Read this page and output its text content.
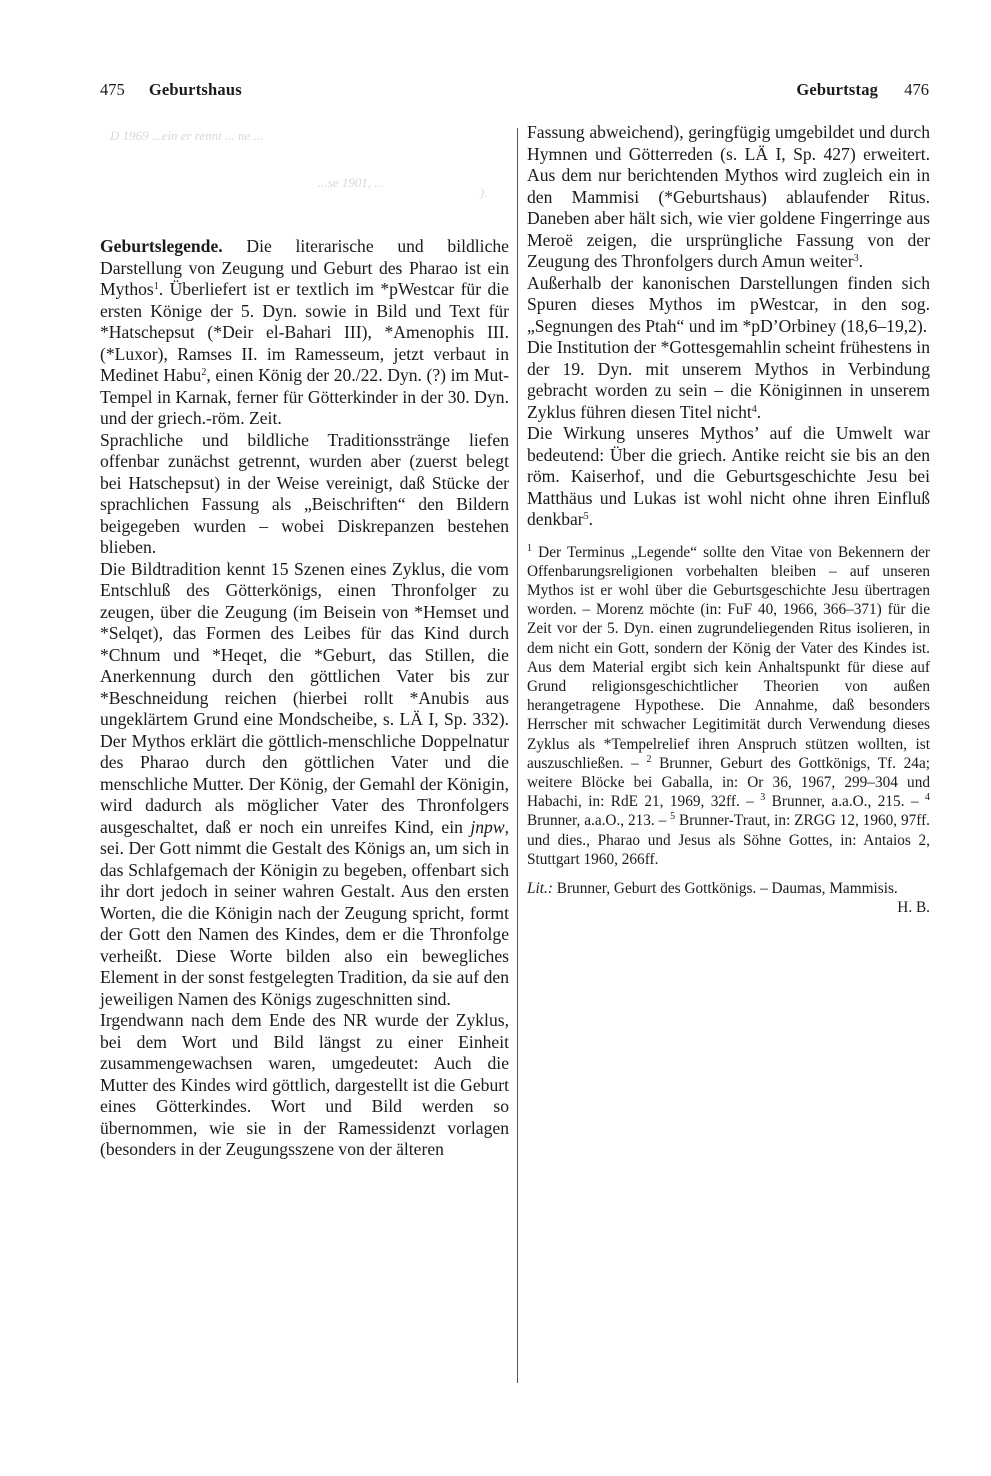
475 Geburtshaus	Geburtstag 476
D 1969 ...ein er rennt ... ne ...
...se 1901, ...
).

Geburtslegende. Die literarische und bildliche Darstellung von Zeugung und Geburt des Pharao ist ein Mythos$^1$. Überliefert ist er textlich im *pWestcar für die ersten Könige der 5. Dyn. sowie in Bild und Text für *Hatschepsut (*Deir el-Bahari III), *Amenophis III. (*Luxor), Ramses II. im Ramesseum, jetzt verbaut in Medinet Habu$^2$, einen König der 20./22. Dyn. (?) im Mut-Tempel in Karnak, ferner für Götterkinder in der 30. Dyn. und der griech.-röm. Zeit.

Sprachliche und bildliche Traditionsstränge liefen offenbar zunächst getrennt, wurden aber (zuerst belegt bei Hatschepsut) in der Weise vereinigt, daß Stücke der sprachlichen Fassung als „Beischriften“ den Bildern beigegeben wurden – wobei Diskrepanzen bestehen blieben.

Die Bildtradition kennt 15 Szenen eines Zyklus, die vom Entschluß des Götterkönigs, einen Thronfolger zu zeugen, über die Zeugung (im Beisein von *Hemset und *Selqet), das Formen des Leibes für das Kind durch *Chnum und *Heqet, die *Geburt, das Stillen, die Anerkennung durch den göttlichen Vater bis zur *Beschneidung reichen (hierbei rollt *Anubis aus ungeklärtem Grund eine Mondscheibe, s. LÄ I, Sp. 332). Der Mythos erklärt die göttlich-menschliche Doppelnatur des Pharao durch den göttlichen Vater und die menschliche Mutter. Der König, der Gemahl der Königin, wird dadurch als möglicher Vater des Thronfolgers ausgeschaltet, daß er noch ein unreifes Kind, ein jnpw, sei. Der Gott nimmt die Gestalt des Königs an, um sich in das Schlafgemach der Königin zu begeben, offenbart sich ihr dort jedoch in seiner wahren Gestalt. Aus den ersten Worten, die die Königin nach der Zeugung spricht, formt der Gott den Namen des Kindes, dem er die Thronfolge verheißt. Diese Worte bilden also ein bewegliches Element in der sonst festgelegten Tradition, da sie auf den jeweiligen Namen des Königs zugeschnitten sind.

Irgendwann nach dem Ende des NR wurde der Zyklus, bei dem Wort und Bild längst zu einer Einheit zusammengewachsen waren, umgedeutet: Auch die Mutter des Kindes wird göttlich, dargestellt ist die Geburt eines Götterkindes. Wort und Bild werden so übernommen, wie sie in der Ramessidenzt vorlagen (besonders in der Zeugungsszene von der älteren

Fassung abweichend), geringfügig umgebildet und durch Hymnen und Götterreden (s. LÄ I, Sp. 427) erweitert. Aus dem nur berichtenden Mythos wird zugleich ein in den Mammisi (*Geburtshaus) ablaufender Ritus. Daneben aber hält sich, wie vier goldene Fingerringe aus Meroë zeigen, die ursprüngliche Fassung von der Zeugung des Thronfolgers durch Amun weiter$^3$.

Außerhalb der kanonischen Darstellungen finden sich Spuren dieses Mythos im pWestcar, in den sog. „Segnungen des Ptah“ und im *pD’Orbiney (18,6–19,2).

Die Institution der *Gottesgemahlin scheint frühestens in der 19. Dyn. mit unserem Mythos in Verbindung gebracht worden zu sein – die Königinnen in unserem Zyklus führen diesen Titel nicht$^4$.

Die Wirkung unseres Mythos’ auf die Umwelt war bedeutend: Über die griech. Antike reicht sie bis an den röm. Kaiserhof, und die Geburtsgeschichte Jesu bei Matthäus und Lukas ist wohl nicht ohne ihren Einfluß denkbar$^5$.

$^1$ Der Terminus „Legende“ sollte den Vitae von Bekennern der Offenbarungsreligionen vorbehalten bleiben – auf unseren Mythos ist er wohl über die Geburtsgeschichte Jesu übertragen worden. – Morenz möchte (in: FuF 40, 1966, 366–371) für die Zeit vor der 5. Dyn. einen zugrundeliegenden Ritus isolieren, in dem nicht ein Gott, sondern der König der Vater des Kindes ist. Aus dem Material ergibt sich kein Anhaltspunkt für diese auf Grund religionsgeschichtlicher Theorien von außen herangetragene Hypothese. Die Annahme, daß besonders Herrscher mit schwacher Legitimität durch Verwendung dieses Zyklus als *Tempelrelief ihren Anspruch stützen wollten, ist auszuschließen. – $^2$ Brunner, Geburt des Gottkönigs, Tf. 24a; weitere Blöcke bei Gaballa, in: Or 36, 1967, 299–304 und Habachi, in: RdE 21, 1969, 32ff. – $^3$ Brunner, a.a.O., 215. – $^4$ Brunner, a.a.O., 213. – $^5$ Brunner-Traut, in: ZRGG 12, 1960, 97ff. und dies., Pharao und Jesus als Söhne Gottes, in: Antaios 2, Stuttgart 1960, 266ff.

Lit.: Brunner, Geburt des Gottkönigs. – Daumas, Mammisis.
H. B.
